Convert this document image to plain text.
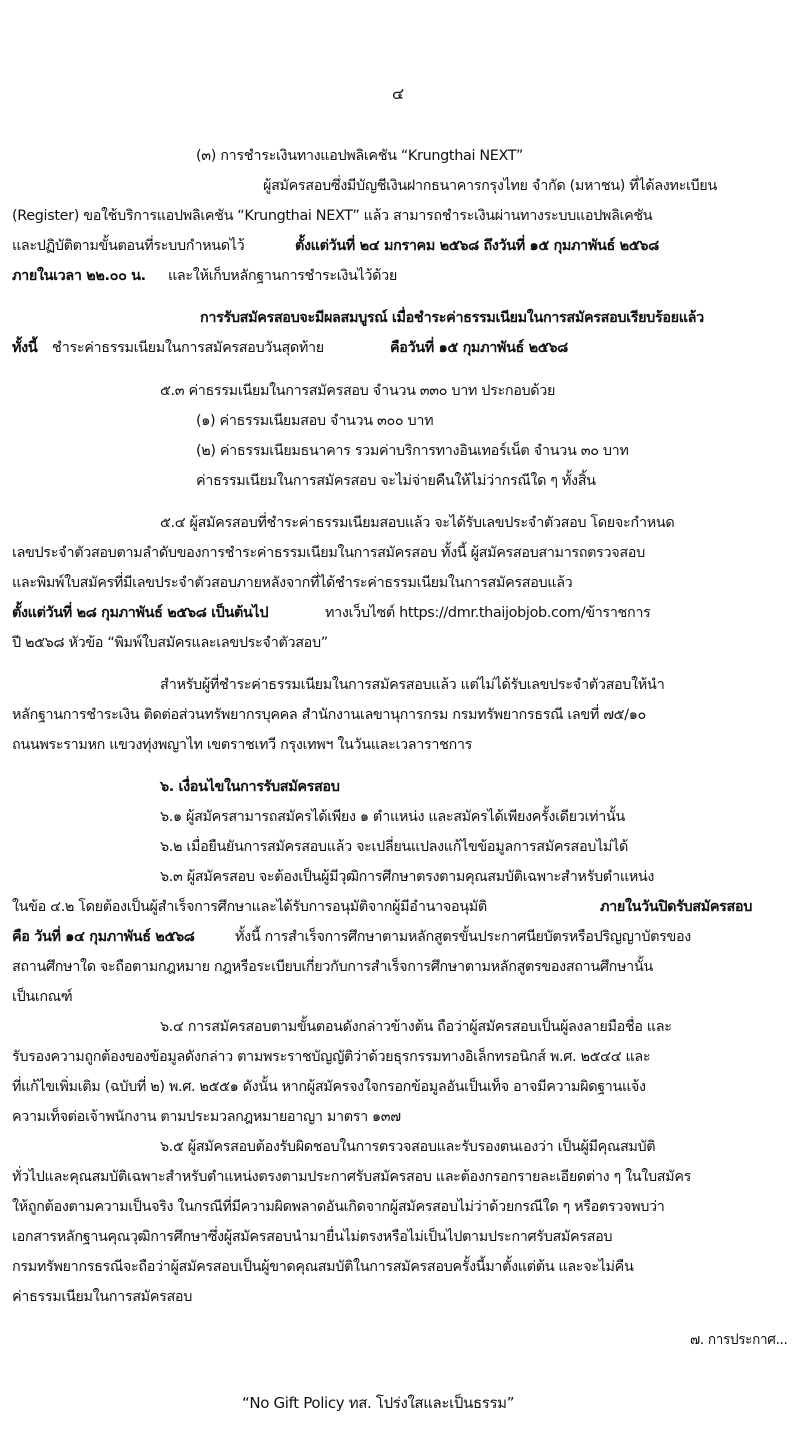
๔
(๓) การชำระเงินทางแอปพลิเคชัน “Krungthai NEXT”
ผู้สมัครสอบซึ่งมีบัญชีเงินฝากธนาคารกรุงไทย จำกัด (มหาชน) ที่ได้ลงทะเบียน
(Register) ขอใช้บริการแอปพลิเคชัน “Krungthai NEXT” แล้ว สามารถชำระเงินผ่านทางระบบแอปพลิเคชัน
และปฏิบัติตามขั้นตอนที่ระบบกำหนดไว้	ตั้งแต่วันที่ ๒๔ มกราคม ๒๕๖๘ ถึงวันที่ ๑๕ กุมภาพันธ์ ๒๕๖๘
ภายในเวลา ๒๒.๐๐ น. และให้เก็บหลักฐานการชำระเงินไว้ด้วย
การรับสมัครสอบจะมีผลสมบูรณ์ เมื่อชำระค่าธรรมเนียมในการสมัครสอบเรียบร้อยแล้ว
ทั้งนี้ ชำระค่าธรรมเนียมในการสมัครสอบวันสุดท้าย	คือวันที่ ๑๕ กุมภาพันธ์ ๒๕๖๘
๕.๓ ค่าธรรมเนียมในการสมัครสอบ จำนวน ๓๓๐ บาท ประกอบด้วย
(๑) ค่าธรรมเนียมสอบ จำนวน ๓๐๐ บาท
(๒) ค่าธรรมเนียมธนาคาร รวมค่าบริการทางอินเทอร์เน็ต จำนวน ๓๐ บาท
ค่าธรรมเนียมในการสมัครสอบ จะไม่จ่ายคืนให้ไม่ว่ากรณีใด ๆ ทั้งสิ้น
๕.๔ ผู้สมัครสอบที่ชำระค่าธรรมเนียมสอบแล้ว จะได้รับเลขประจำตัวสอบ โดยจะกำหนด
เลขประจำตัวสอบตามลำดับของการชำระค่าธรรมเนียมในการสมัครสอบ ทั้งนี้ ผู้สมัครสอบสามารถตรวจสอบ
และพิมพ์ใบสมัครที่มีเลขประจำตัวสอบภายหลังจากที่ได้ชำระค่าธรรมเนียมในการสมัครสอบแล้ว
ตั้งแต่วันที่ ๒๘ กุมภาพันธ์ ๒๕๖๘ เป็นต้นไป	ทางเว็บไซต์ https://dmr.thaijobjob.com/ข้าราชการ
ปี ๒๕๖๘ หัวข้อ “พิมพ์ใบสมัครและเลขประจำตัวสอบ”
สำหรับผู้ที่ชำระค่าธรรมเนียมในการสมัครสอบแล้ว แต่ไม่ได้รับเลขประจำตัวสอบให้นำ
หลักฐานการชำระเงิน ติดต่อส่วนทรัพยากรบุคคล สำนักงานเลขานุการกรม กรมทรัพยากรธรณี เลขที่ ๗๕/๑๐
ถนนพระรามหก แขวงทุ่งพญาไท เขตราชเทวี กรุงเทพฯ ในวันและเวลาราชการ
๖. เงื่อนไขในการรับสมัครสอบ
๖.๑ ผู้สมัครสามารถสมัครได้เพียง ๑ ตำแหน่ง และสมัครได้เพียงครั้งเดียวเท่านั้น
๖.๒ เมื่อยืนยันการสมัครสอบแล้ว จะเปลี่ยนแปลงแก้ไขข้อมูลการสมัครสอบไม่ได้
๖.๓ ผู้สมัครสอบ จะต้องเป็นผู้มีวุฒิการศึกษาตรงตามคุณสมบัติเฉพาะสำหรับตำแหน่ง
ในข้อ ๔.๒ โดยต้องเป็นผู้สำเร็จการศึกษาและได้รับการอนุมัติจากผู้มีอำนาจอนุมัติ	ภายในวันปิดรับสมัครสอบ
คือ วันที่ ๑๔ กุมภาพันธ์ ๒๕๖๘	ทั้งนี้ การสำเร็จการศึกษาตามหลักสูตรขั้นประกาศนียบัตรหรือปริญญาบัตรของ
สถานศึกษาใด จะถือตามกฎหมาย กฎหรือระเบียบเกี่ยวกับการสำเร็จการศึกษาตามหลักสูตรของสถานศึกษานั้น
เป็นเกณฑ์
๖.๔ การสมัครสอบตามขั้นตอนดังกล่าวข้างต้น ถือว่าผู้สมัครสอบเป็นผู้ลงลายมือชื่อ และ
รับรองความถูกต้องของข้อมูลดังกล่าว ตามพระราชบัญญัติว่าด้วยธุรกรรมทางอิเล็กทรอนิกส์ พ.ศ. ๒๕๔๔ และ
ที่แก้ไขเพิ่มเติม (ฉบับที่ ๒) พ.ศ. ๒๕๕๑ ดังนั้น หากผู้สมัครจงใจกรอกข้อมูลอันเป็นเท็จ อาจมีความผิดฐานแจ้ง
ความเท็จต่อเจ้าพนักงาน ตามประมวลกฎหมายอาญา มาตรา ๑๓๗
๖.๕ ผู้สมัครสอบต้องรับผิดชอบในการตรวจสอบและรับรองตนเองว่า เป็นผู้มีคุณสมบัติ
ทั่วไปและคุณสมบัติเฉพาะสำหรับตำแหน่งตรงตามประกาศรับสมัครสอบ และต้องกรอกรายละเอียดต่าง ๆ ในใบสมัคร
ให้ถูกต้องตามความเป็นจริง ในกรณีที่มีความผิดพลาดอันเกิดจากผู้สมัครสอบไม่ว่าด้วยกรณีใด ๆ หรือตรวจพบว่า
เอกสารหลักฐานคุณวุฒิการศึกษาซึ่งผู้สมัครสอบนำมายื่นไม่ตรงหรือไม่เป็นไปตามประกาศรับสมัครสอบ
กรมทรัพยากรธรณีจะถือว่าผู้สมัครสอบเป็นผู้ขาดคุณสมบัติในการสมัครสอบครั้งนี้มาตั้งแต่ต้น และจะไม่คืน
ค่าธรรมเนียมในการสมัครสอบ
๗. การประกาศ...
“No Gift Policy ทส. โปร่งใสและเป็นธรรม”
